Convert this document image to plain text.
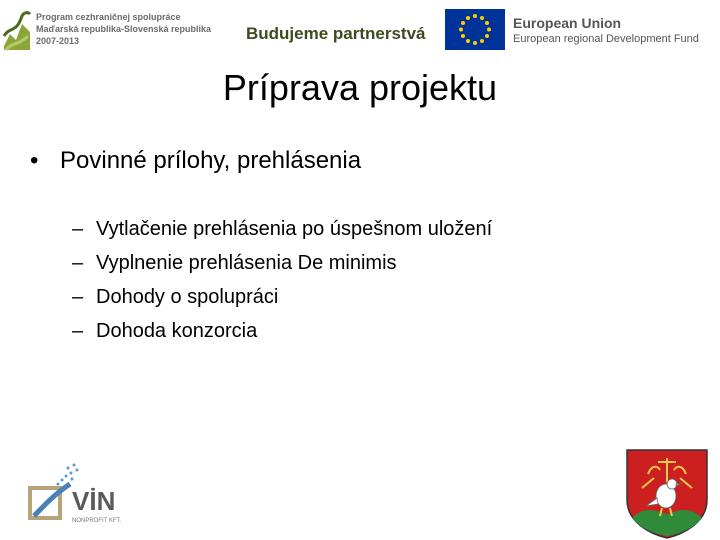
Program cezhraničnej spolupráce
Maďarská republika-Slovenská republika
2007-2013	Budujeme partnerstvá
European Union
European regional Development Fund
Príprava projektu
• Povinné prílohy, prehlásenia
– Vytlačenie prehlásenia po úspešnom uložení
– Vyplnenie prehlásenia De minimis
– Dohody o spolupráci
– Dohoda konzorcia
VİN
NONPROFIT KFT.
